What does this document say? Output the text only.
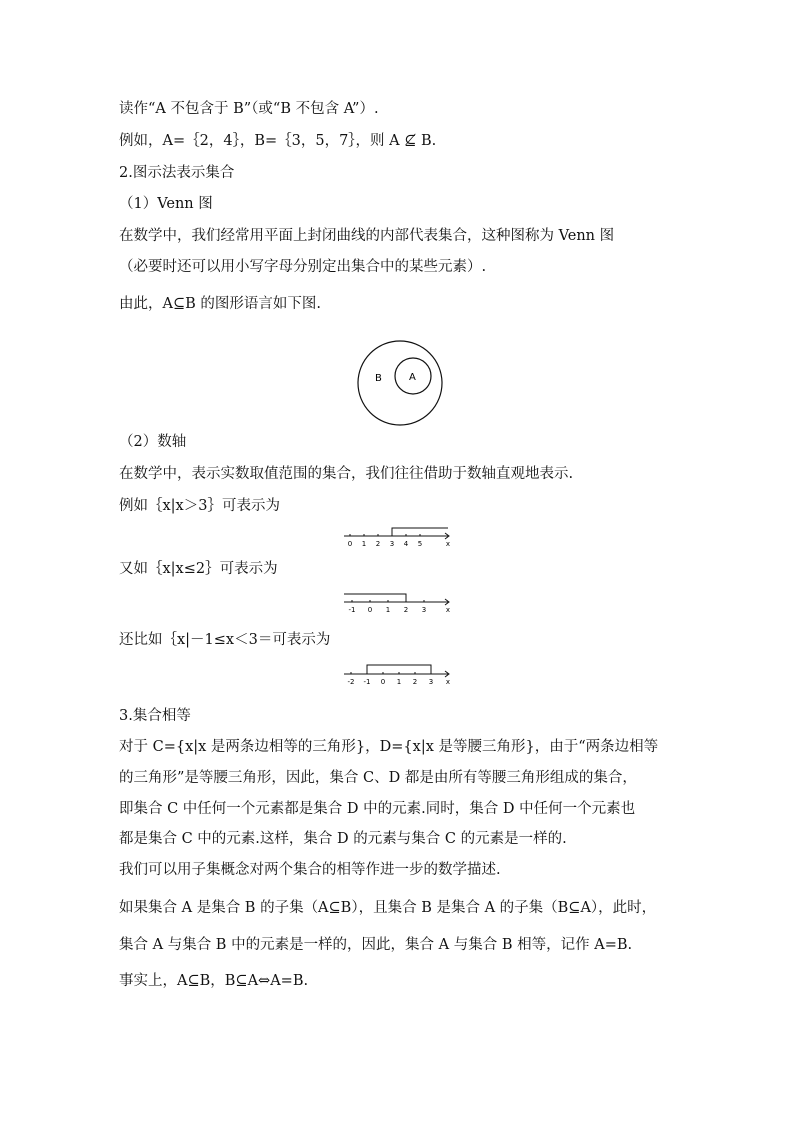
读作“A 不包含于 B”（或“B 不包含 A”）.
例如，A=｛2，4｝，B=｛3，5，7｝，则 A ⊈ B.
2.图示法表示集合
（1）Venn 图
在数学中，我们经常用平面上封闭曲线的内部代表集合，这种图称为 Venn 图
（必要时还可以用小写字母分别定出集合中的某些元素）.
由此，A⊆B 的图形语言如下图.
B	A
（2）数轴
在数学中，表示实数取值范围的集合，我们往往借助于数轴直观地表示.
例如｛x|x＞3｝可表示为
0 1 2 3 4 5	x
又如｛x|x≤2｝可表示为
-1 0 1 2 3	x
还比如｛x|－1≤x＜3＝可表示为
-2 -1 0 1 2 3 x
3.集合相等
对于 C={x|x 是两条边相等的三角形}，D={x|x 是等腰三角形}，由于“两条边相等
的三角形”是等腰三角形，因此，集合 C、D 都是由所有等腰三角形组成的集合，
即集合 C 中任何一个元素都是集合 D 中的元素.同时，集合 D 中任何一个元素也
都是集合 C 中的元素.这样，集合 D 的元素与集合 C 的元素是一样的.
我们可以用子集概念对两个集合的相等作进一步的数学描述.
如果集合 A 是集合 B 的子集（A⊆B），且集合 B 是集合 A 的子集（B⊆A），此时，
集合 A 与集合 B 中的元素是一样的，因此，集合 A 与集合 B 相等，记作 A=B.
事实上，A⊆B，B⊆A⇔A=B.
